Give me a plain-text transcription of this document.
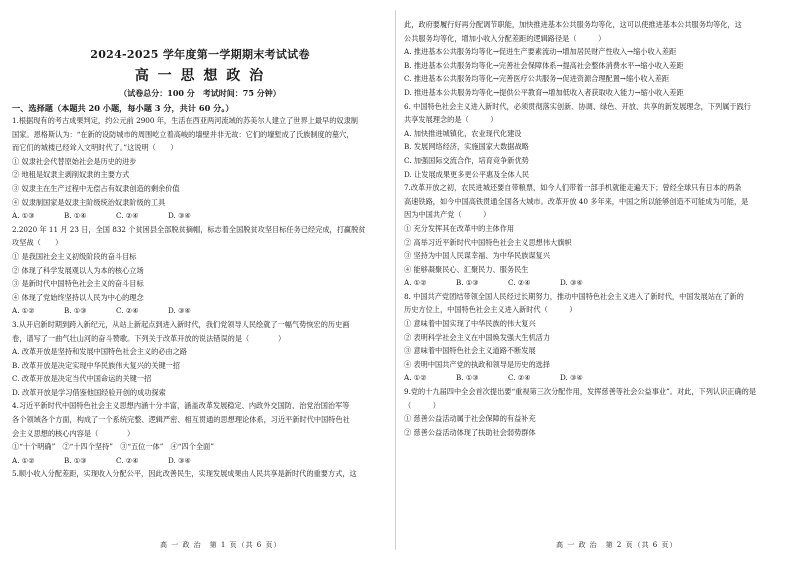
2024-2025 学年度第一学期期末考试试卷
高 一 思 想 政 治
（试卷总分：100 分　考试时间：75 分钟）
一、选择题（本题共 20 小题，每小题 3 分，共计 60 分。）
1.根据现有的考古成果判定，约公元前 2900 年，生活在西亚两河流域的苏美尔人建立了世界上最早的奴隶制
国家。恩格斯认为：“在新的设防城市的周围屹立着高峻的墙壁并非无故：它们的壕堑成了氏族制度的墓穴，
而它们的城楼已经耸入文明时代了。”这说明（　　）
① 奴隶社会代替原始社会是历史的进步
② 地租是奴隶主剥削奴隶的主要方式
③ 奴隶主在生产过程中无偿占有奴隶创造的剩余价值
④ 奴隶制国家是奴隶主阶级统治奴隶阶级的工具
A. ①③	B. ①④	C. ②④	D. ③④
2.2020 年 11 月 23 日，全国 832 个贫困县全部脱贫摘帽，标志着全国脱贫攻坚目标任务已经完成，打赢脱贫
攻坚战（　　）
① 是我国社会主义初级阶段的奋斗目标
② 体现了科学发展观以人为本的核心立场
③ 是新时代中国特色社会主义的奋斗目标
④ 体现了党始终坚持以人民为中心的理念
A. ①②	B. ①③	C. ②④	D. ③④
3.从开启新时期到跨入新纪元，从站上新起点到进入新时代，我们党领导人民绘就了一幅气势恢宏的历史画
卷，谱写了一曲气壮山河的奋斗赞歌。下列关于改革开放的说法错误的是（　　　　）
A. 改革开放是坚持和发展中国特色社会主义的必由之路
B. 改革开放是决定实现中华民族伟大复兴的关键一招
C. 改革开放是决定当代中国命运的关键一招
D. 改革开放是学习借鉴他国经验开创的成功探索
4.习近平新时代中国特色社会主义思想内涵十分丰富，涵盖改革发展稳定、内政外交国防、治党治国治军等
各个领域各个方面，构成了一个系统完整、逻辑严密、相互贯通的思想理论体系，习近平新时代中国特色社
会主义思想的核心内容是（　　　　）
①“十个明确”　②“十四个坚持”　③“五位一体”　④“四个全面”
A. ①②	B. ①③	C. ②④	D. ③④
5.顺小收入分配差距，实现收入分配公平，因此改善民生，实现发展成果由人民共享是新时代的重要方式，这
此，政府要履行好再分配调节职能，加快推进基本公共服务均等化，这可以使推进基本公共服务均等化，这
公共服务均等化，增加小收入分配差距的逻辑路径是（　　　）
A. 推进基本公共服务均等化→促进生产要素流动→增加居民财产性收入→缩小收入差距
B. 推进基本公共服务均等化→完善社会保障体系→提高社会整体消费水平→缩小收入差距
C. 推进基本公共服务均等化→完善医疗公共服务→促进资源合理配置→缩小收入差距
D. 推进基本公共服务均等化→提供公平教育→增加低收入者获取收入能力→缩小收入差距
6. 中国特色社会主义进入新时代，必须贯彻落实创新、协调、绿色、开放、共享的新发展理念，下列属于践行
共享发展理念的是（　　　）
A. 加快推进城镇化，农业现代化建设
B. 发展网络经济，实施国家大数据战略
C. 加强国际交流合作，培育竞争新优势
D. 让发展成果更多更公平惠及全体人民
7.改革开放之初，农民进城还要自带粮票，如今人们带着一部手机就能走遍天下；曾经全球只有日本的两条
高速铁路，如今中国高铁贯通全国各大城市。改革开放 40 多年来，中国之所以能够创造不可能成为可能，是
因为中国共产党（　　　）
① 充分发挥其在改革中的主体作用
② 高举习近平新时代中国特色社会主义思想伟大旗帜
③ 坚持为中国人民谋幸福、为中华民族谋复兴
④ 能够凝聚民心、汇聚民力、服务民生
A. ①②	B. ①③	C. ②④	D. ③④
8. 中国共产党团结带领全国人民经过长期努力，推动中国特色社会主义进入了新时代，中国发展站在了新的
历史方位上，中国特色社会主义进入新时代（　　　）
① 意味着中国实现了中华民族的伟大复兴
② 表明科学社会主义在中国焕发强大生机活力
③ 意味着中国特色社会主义道路不断发展
④ 表明中国共产党的执政和领导是历史的选择
A. ①②	B. ①③	C. ②④	D. ③④
9.党的十九届四中全会首次提出要“重视第三次分配作用，发挥慈善等社会公益事业”。对此，下列认识正确的是
（　　　）
① 慈善公益活动属于社会保障的有益补充
② 慈善公益活动体现了扶助社会弱势群体
高 一 政 治　第 1 页（共 6 页）	高 一 政 治　第 2 页（共 6 页）
